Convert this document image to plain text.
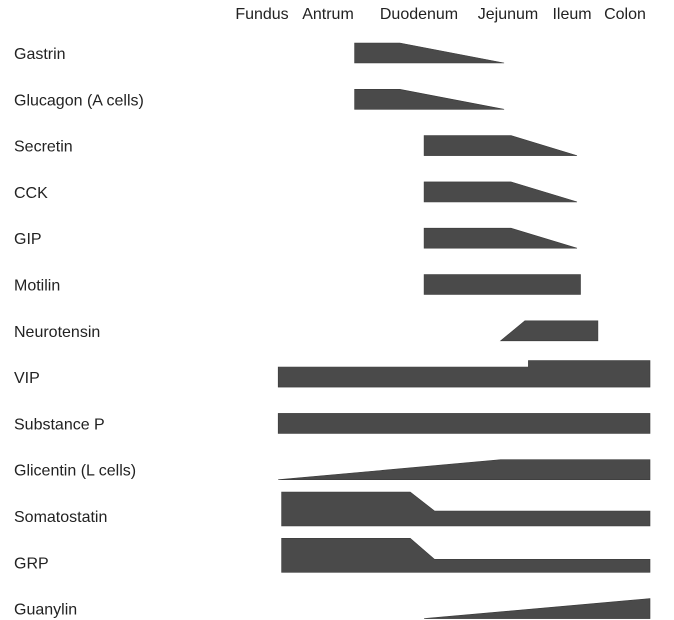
Fundus Antrum Duodenum Jejunum Ileum Colon
Gastrin
Glucagon (A cells)
Secretin
CCK
GIP
Motilin
Neurotensin
VIP
Substance P
Glicentin (L cells)
Somatostatin
GRP
Guanylin
